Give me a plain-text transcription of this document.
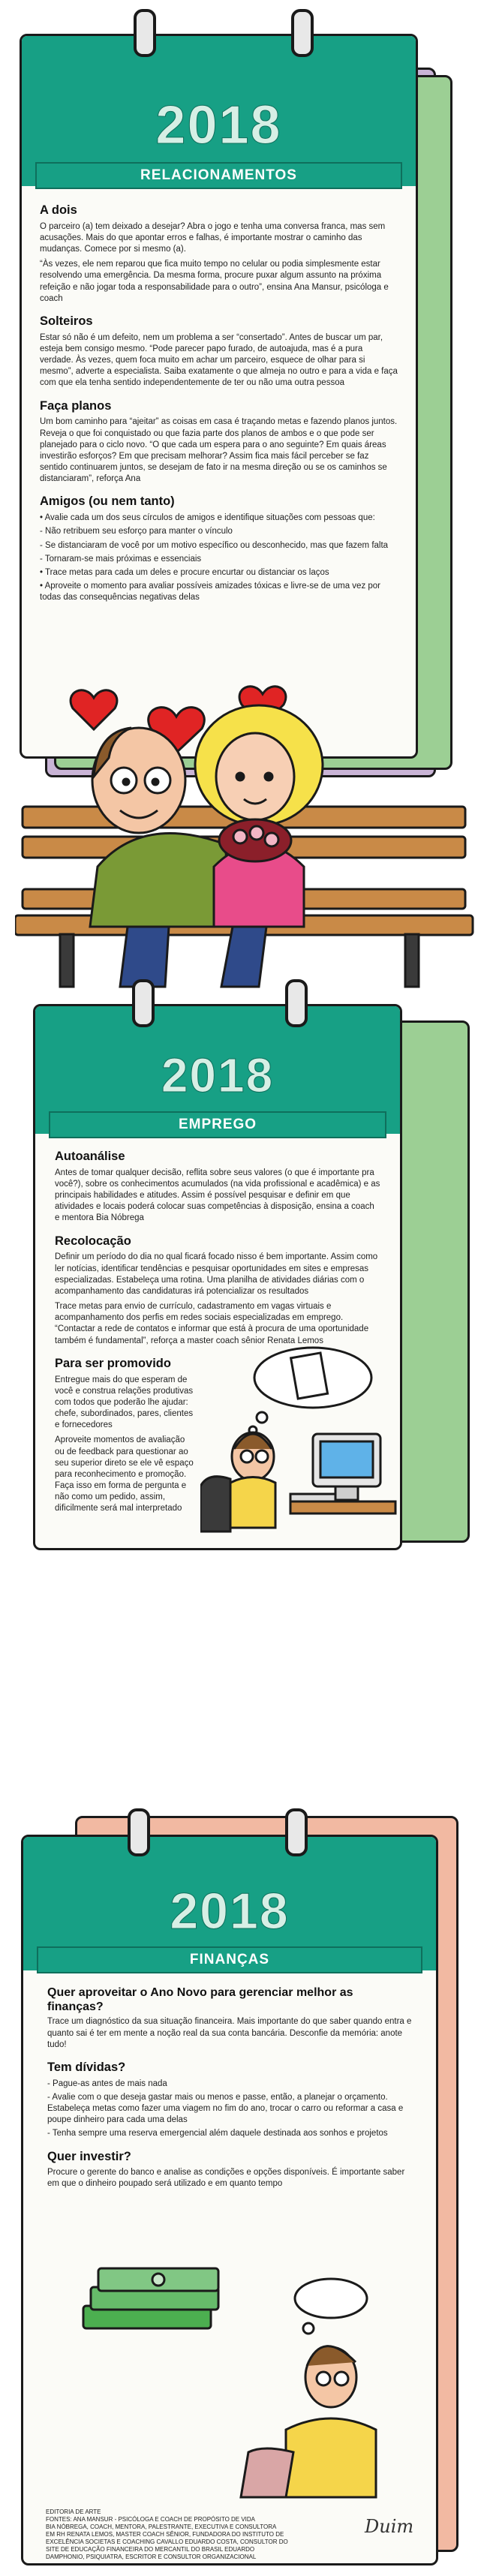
2018
RELACIONAMENTOS
A dois

O parceiro (a) tem deixado a desejar? Abra o jogo e tenha uma conversa franca, mas sem acusações. Mais do que apontar erros e falhas, é importante mostrar o caminho das mudanças. Comece por si mesmo (a).

“Às vezes, ele nem reparou que fica muito tempo no celular ou podia simplesmente estar resolvendo uma emergência. Da mesma forma, procure puxar algum assunto na próxima refeição e não jogar toda a responsabilidade para o outro”, ensina Ana Mansur, psicóloga e coach

Solteiros

Estar só não é um defeito, nem um problema a ser “consertado”. Antes de buscar um par, esteja bem consigo mesmo. “Pode parecer papo furado, de autoajuda, mas é a pura verdade. Às vezes, quem foca muito em achar um parceiro, esquece de olhar para si mesmo”, adverte a especialista. Saiba exatamente o que almeja no outro e para a vida e faça com que ela tenha sentido independentemente de ter ou não uma outra pessoa

Faça planos

Um bom caminho para “ajeitar” as coisas em casa é traçando metas e fazendo planos juntos. Reveja o que foi conquistado ou que fazia parte dos planos de ambos e o que pode ser planejado para o ciclo novo. “O que cada um espera para o ano seguinte? Em quais áreas investirão esforços? Em que precisam melhorar? Assim fica mais fácil perceber se faz sentido continuarem juntos, se desejam de fato ir na mesma direção ou se os caminhos se distanciaram”, reforça Ana

Amigos (ou nem tanto)
• Avalie cada um dos seus círculos de amigos e identifique situações com pessoas que:
- Não retribuem seu esforço para manter o vínculo
- Se distanciaram de você por um motivo específico ou desconhecido, mas que fazem falta
- Tornaram-se mais próximas e essenciais
• Trace metas para cada um deles e procure encurtar ou distanciar os laços
• Aproveite o momento para avaliar possíveis amizades tóxicas e livre-se de uma vez por todas das consequências negativas delas
2018
EMPREGO
Autoanálise

Antes de tomar qualquer decisão, reflita sobre seus valores (o que é importante pra você?), sobre os conhecimentos acumulados (na vida profissional e acadêmica) e as principais habilidades e atitudes. Assim é possível pesquisar e definir em que atividades e locais poderá colocar suas competências à disposição, ensina a coach e mentora Bia Nóbrega

Recolocação

Definir um período do dia no qual ficará focado nisso é bem importante. Assim como ler notícias, identificar tendências e pesquisar oportunidades em sites e empresas especializadas. Estabeleça uma rotina. Uma planilha de atividades diárias com o acompanhamento das candidaturas irá potencializar os resultados

Trace metas para envio de currículo, cadastramento em vagas virtuais e acompanhamento dos perfis em redes sociais especializadas em emprego. “Contactar a rede de contatos e informar que está à procura de uma oportunidade também é fundamental”, reforça a master coach sênior Renata Lemos

Para ser promovido

Entregue mais do que esperam de você e construa relações produtivas com todos que poderão lhe ajudar: chefe, subordinados, pares, clientes e fornecedores

Aproveite momentos de avaliação ou de feedback para questionar ao seu superior direto se ele vê espaço para reconhecimento e promoção. Faça isso em forma de pergunta e não como um pedido, assim, dificilmente será mal interpretado

2018
FINANÇAS
Quer aproveitar o Ano Novo para gerenciar melhor as finanças?

Trace um diagnóstico da sua situação financeira. Mais importante do que saber quando entra e quanto sai é ter em mente a noção real da sua conta bancária. Desconfie da memória: anote tudo!

Tem dívidas?
- Pague-as antes de mais nada
- Avalie com o que deseja gastar mais ou menos e passe, então, a planejar o orçamento. Estabeleça metas como fazer uma viagem no fim do ano, trocar o carro ou reformar a casa e poupe dinheiro para cada uma delas
- Tenha sempre uma reserva emergencial além daquele destinada aos sonhos e projetos
Quer investir?

Procure o gerente do banco e analise as condições e opções disponíveis. É importante saber em que o dinheiro poupado será utilizado e em quanto tempo

EDITORIA DE ARTE
FONTES: ANA MANSUR - PSICÓLOGA E COACH DE PROPÓSITO DE VIDA
BIA NÓBREGA, COACH, MENTORA, PALESTRANTE, EXECUTIVA E CONSULTORA
EM RH RENATA LEMOS, MASTER COACH SÊNIOR, FUNDADORA DO INSTITUTO DE
EXCELÊNCIA SOCIETAS E COACHING CAVALLO EDUARDO COSTA, CONSULTOR DO
SITE DE EDUCAÇÃO FINANCEIRA DO MERCANTIL DO BRASIL EDUARDO
DAMPHONIO, PSIQUIATRA, ESCRITOR E CONSULTOR ORGANIZACIONAL
Duim
